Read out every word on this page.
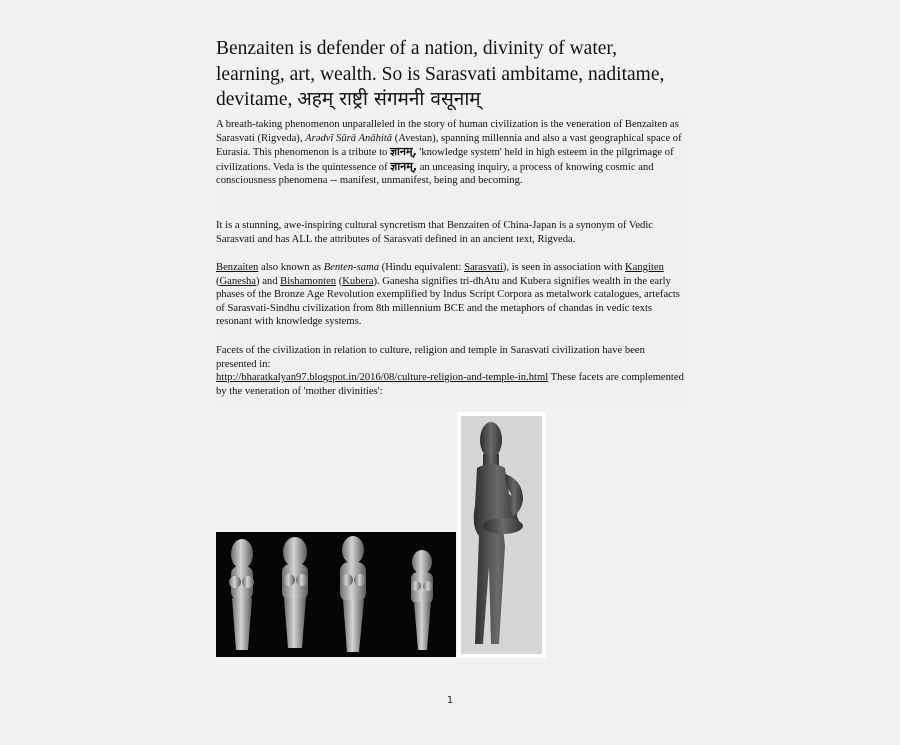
Benzaiten is defender of a nation, divinity of water, learning, art, wealth. So is Sarasvati ambitame, naditame, devitame, अहम् राष्ट्री संगमनी वसूनाम्

A breath-taking phenomenon unparalleled in the story of human civilization is the veneration of Benzaiten as Sarasvati (Rigveda), Arədvī Sūrā Anāhitā (Avestan), spanning millennia and also a vast geographical space of Eurasia. This phenomenon is a tribute to ज्ञानम्, 'knowledge system' held in high esteem in the pilgrimage of civilizations. Veda is the quintessence of ज्ञानम्, an unceasing inquiry, a process of knowing cosmic and consciousness phenomena -- manifest, unmanifest, being and becoming.

It is a stunning, awe-inspiring cultural syncretism that Benzaiten of China-Japan is a synonym of Vedic Sarasvati and has ALL the attributes of Sarasvati defined in an ancient text, Rigveda.

Benzaiten also known as Benten-sama (Hindu equivalent: Sarasvati), is seen in association with Kangiten (Ganesha) and Bishamonten (Kubera). Ganesha signifies tri-dhAtu and Kubera signifies wealth in the early phases of the Bronze Age Revolution exemplified by Indus Script Corpora as metalwork catalogues, artefacts of Sarasvati-Sindhu civilization from 8th millennium BCE and the metaphors of chandas in vedic texts resonant with knowledge systems.

Facets of the civilization in relation to culture, religion and temple in Sarasvati civilization have been presented in:
http://bharatkalyan97.blogspot.in/2016/08/culture-religion-and-temple-in.html These facets are complemented by the veneration of 'mother divinities':

1
